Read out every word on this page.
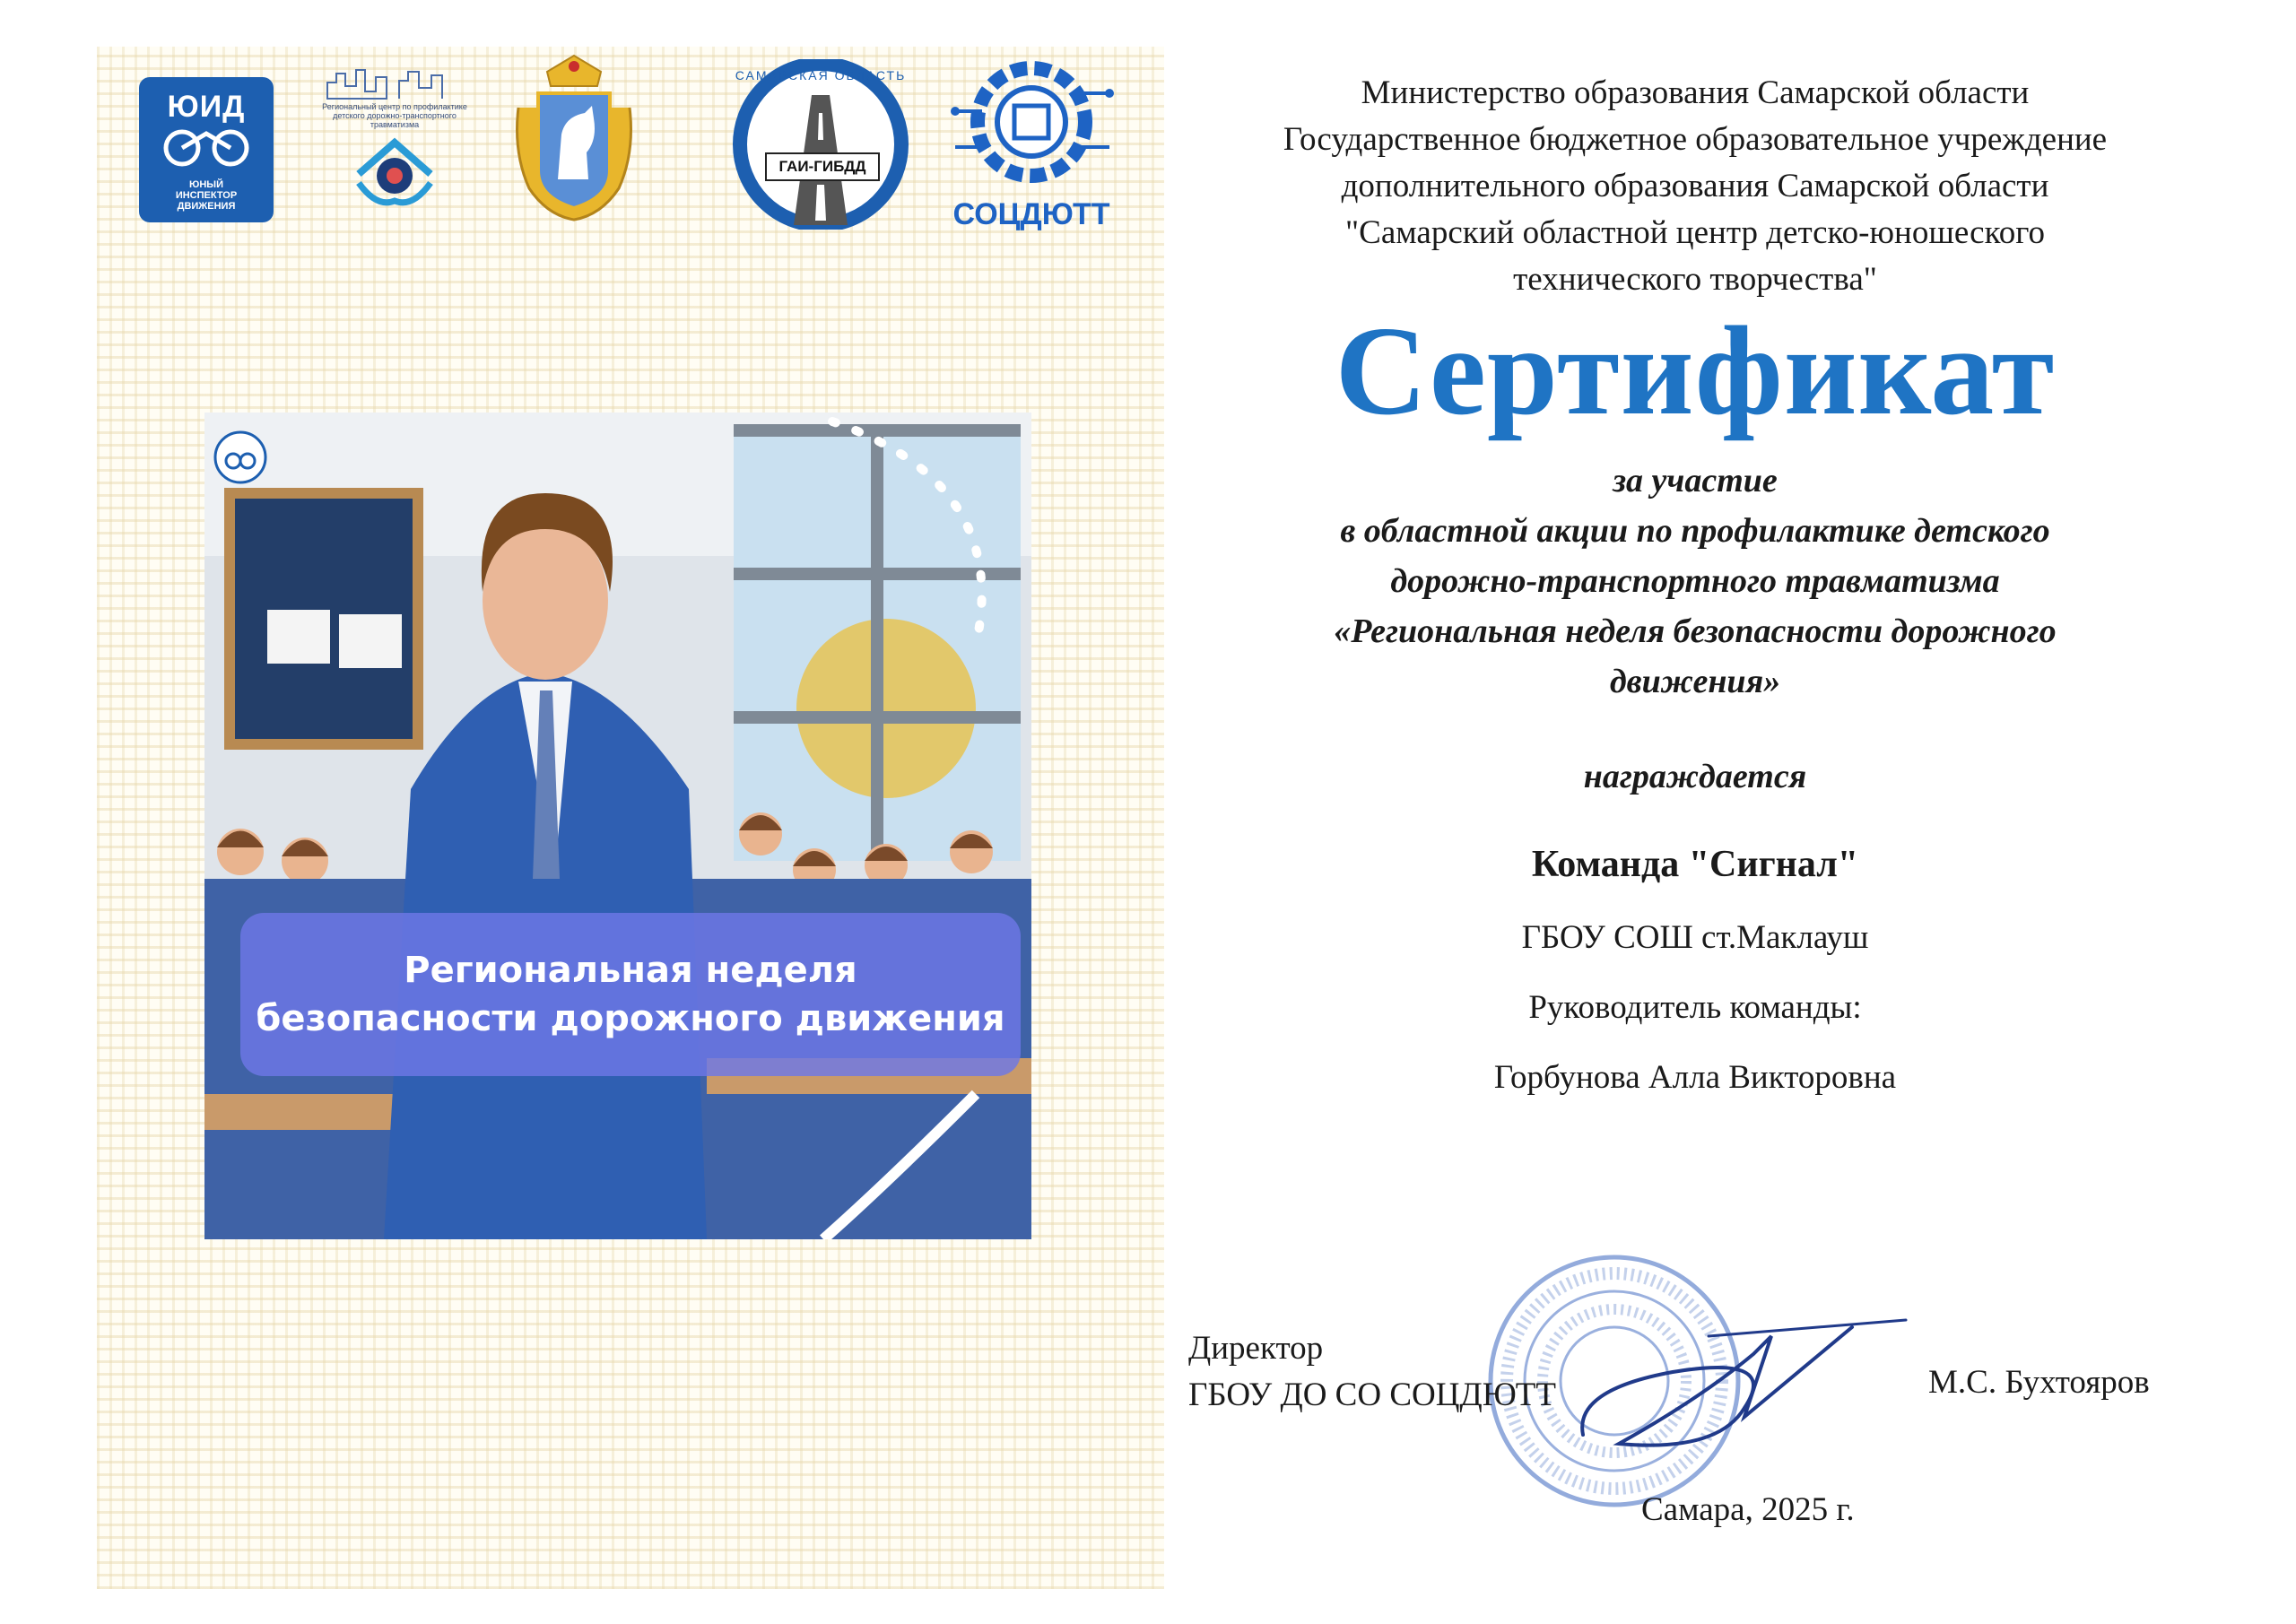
ЮИД
ЮНЫЙ
ИНСПЕКТОР
ДВИЖЕНИЯ
Региональный центр по профилактике детского дорожно-транспортного травматизма
САМАРСКАЯ ОБЛАСТЬ
ГАИ-ГИБДД
СОЦДЮТТ
Региональная неделя
безопасности дорожного движения
Министерство образования Самарской области
Государственное бюджетное образовательное учреждение
дополнительного образования Самарской области
"Самарский областной центр детско-юношеского
технического творчества"
Сертификат
за участие
в областной акции по профилактике детского
дорожно-транспортного травматизма
«Региональная неделя безопасности дорожного
движения»
награждается
Команда "Сигнал"
ГБОУ СОШ ст.Маклауш
Руководитель команды:
Горбунова Алла Викторовна
Директор
ГБОУ ДО СО СОЦДЮТТ	М.С. Бухтояров
Самара, 2025 г.
